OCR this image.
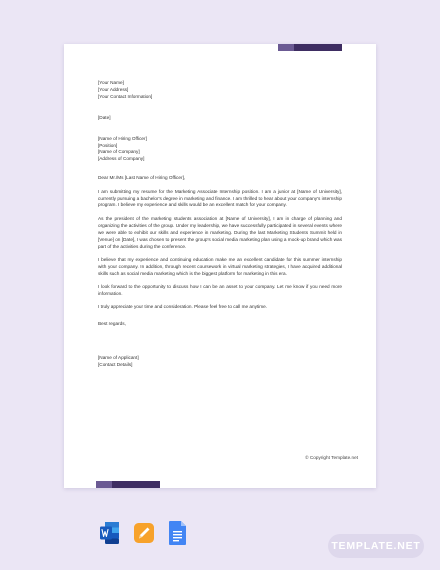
[Your Name]
[Your Address]
[Your Contact Information]

[Date]

[Name of Hiring Officer]
[Position]
[Name of Company]
[Address of Company]

Dear Mr./Ms [Last Name of Hiring Officer],

I am submitting my resume for the Marketing Associate Internship position. I am a junior at [Name of University], currently pursuing a bachelor's degree in marketing and finance. I am thrilled to hear about your company's internship program. I believe my experience and skills would be an excellent match for your company.

As the president of the marketing students association at [Name of University], I am in charge of planning and organizing the activities of the group. Under my leadership, we have successfully participated in several events where we were able to exhibit our skills and experience in marketing. During the last Marketing Students Summit held in [Venue] on [Date], I was chosen to present the group's social media marketing plan using a mock-up brand which was part of the activities during the conference.

I believe that my experience and continuing education make me an excellent candidate for this summer internship with your company. In addition, through recent coursework in virtual marketing strategies, I have acquired additional skills such as social media marketing which is the biggest platform for marketing in this era.

I look forward to the opportunity to discuss how I can be an asset to your company. Let me know if you need more information.

I truly appreciate your time and consideration. Please feel free to call me anytime.

Best regards,

[Name of Applicant]
[Contact Details]

© Copyright Template.net
TEMPLATE.NET
